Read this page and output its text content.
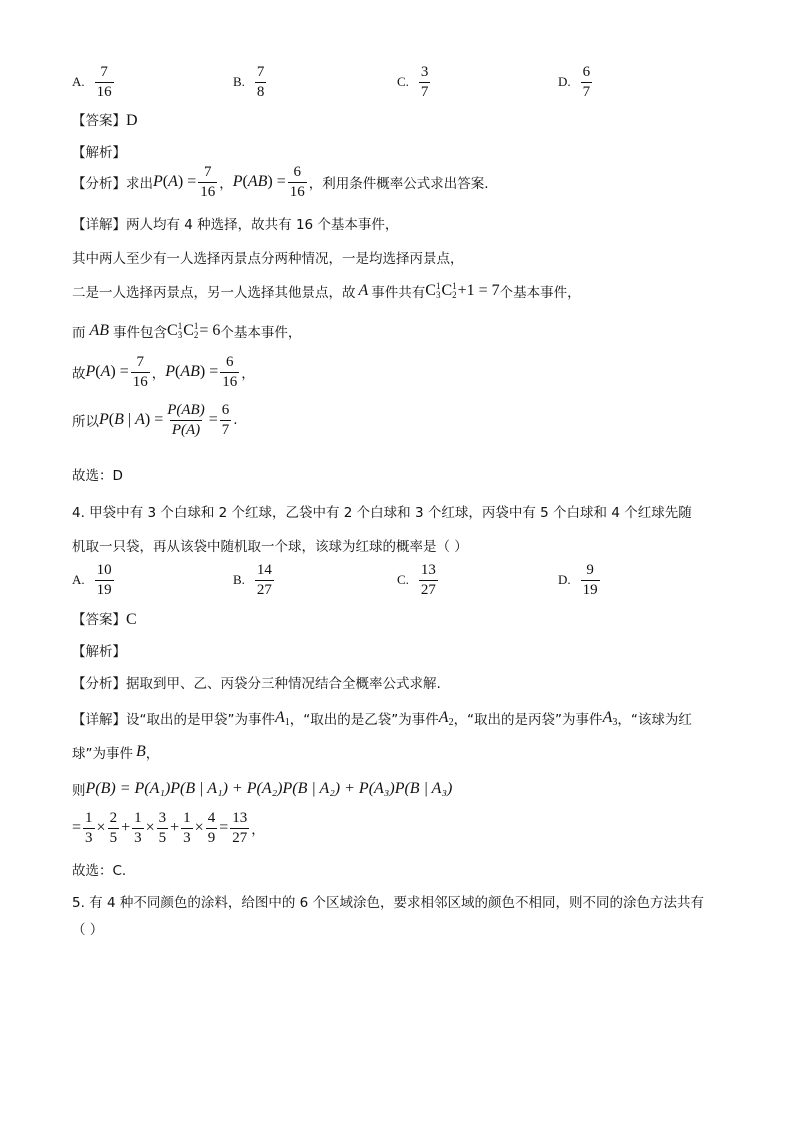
A. $\frac{7}{16}$	B. $\frac{7}{8}$	C. $\frac{3}{7}$	D. $\frac{6}{7}$
【答案】D
【解析】
【分析】 求出 $P(A) = \frac{7}{16}$ ， $P(AB) = \frac{6}{16}$ ，利用条件概率公式求出答案.
【详解】两人均有 4 种选择，故共有 16 个基本事件，
其中两人至少有一人选择丙景点分两种情况，一是均选择丙景点，
二是一人选择丙景点，另一人选择其他景点，故 A 事件共有 C 1
3 C 1
2 +1 = 7 个基本事件，
而 AB 事件包含 C 1
3 C 1
2 = 6 个基本事件，
故 $P(A) = \frac{7}{16}$ ， $P(AB) = \frac{6}{16}$ ，
所以 P(B | $A) = \frac{P(AB)}{P(A)} = \frac{6}{7}$ .
故选：D
4. 甲袋中有 3 个白球和 2 个红球，乙袋中有 2 个白球和 3 个红球，丙袋中有 5 个白球和 4 个红球先随
机取一只袋，再从该袋中随机取一个球，该球为红球的概率是（ ）
A. $\frac{10}{19}$	B. $\frac{14}{27}$	C. $\frac{13}{27}$	D. $\frac{9}{19}$
【答案】C
【解析】
【分析】据取到甲、乙、丙袋分三种情况结合全概率公式求解.
【详解】 设“取出的是甲袋”为事件 $A_1$ ，“取出的是乙袋”为事件 $A_2$ ，“取出的是丙袋”为事件 $A_3$ ，“该球为红
球”为事件 B ，
则 P(B) = P(A₁)P(B | A₁) + P(A₂)P(B | A₂) + P(A₃)P(B | A₃)
= $\frac{1}{3} \times \frac{2}{5} + \frac{1}{3} \times \frac{3}{5} + \frac{1}{3} \times \frac{4}{9} = \frac{13}{27}$ ，
故选：C.
5. 有 4 种不同颜色的涂料，给图中的 6 个区域涂色，要求相邻区域的颜色不相同，则不同的涂色方法共有
（ ）
